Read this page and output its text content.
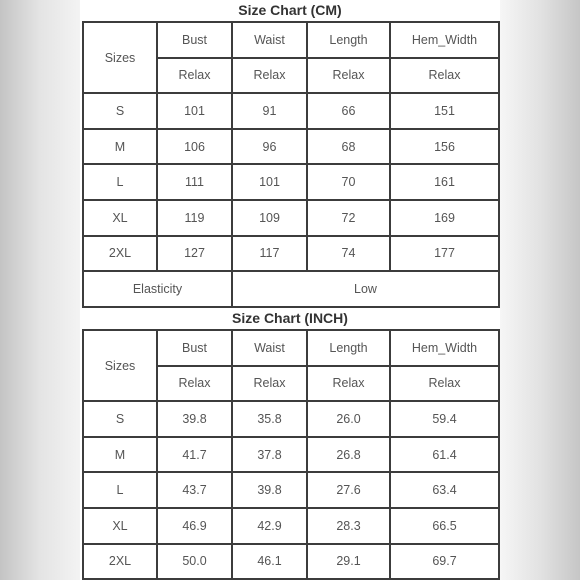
Size Chart (CM)
Sizes	Bust	Waist	Length	Hem_Width
	Relax	Relax	Relax	Relax
S	101	91	66	151
M	106	96	68	156
L	111	101	70	161
XL	119	109	72	169
2XL	127	117	74	177
Elasticity		Low		
Size Chart (INCH)
Sizes	Bust	Waist	Length	Hem_Width
	Relax	Relax	Relax	Relax
S	39.8	35.8	26.0	59.4
M	41.7	37.8	26.8	61.4
L	43.7	39.8	27.6	63.4
XL	46.9	42.9	28.3	66.5
2XL	50.0	46.1	29.1	69.7
